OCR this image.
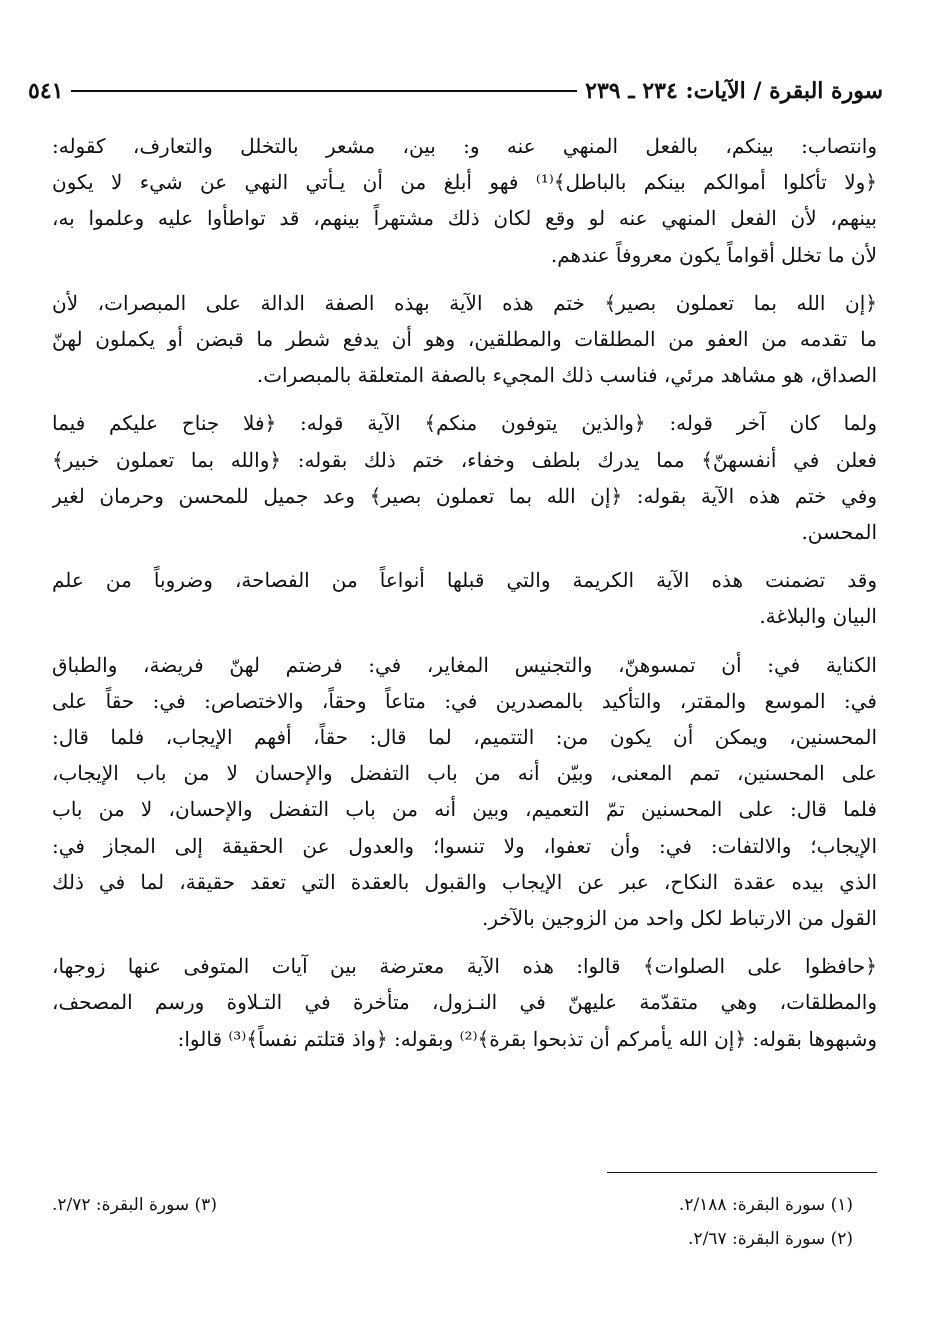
سورة البقرة / الآيات: ٢٣٤ ـ ٢٣٩
٥٤١

وانتصاب: بينكم، بالفعل المنهي عنه و: بين، مشعر بالتخلل والتعارف، كقوله:
﴿ولا تأكلوا أموالكم بينكم بالباطل﴾⁽¹⁾ فهو أبلغ من أن يـأتي النهي عن شيء لا يكون
بينهم، لأن الفعل المنهي عنه لو وقع لكان ذلك مشتهراً بينهم، قد تواطأوا عليه وعلموا به،
لأن ما تخلل أقواماً يكون معروفاً عندهم.

﴿إن الله بما تعملون بصير﴾ ختم هذه الآية بهذه الصفة الدالة على المبصرات، لأن
ما تقدمه من العفو من المطلقات والمطلقين، وهو أن يدفع شطر ما قبضن أو يكملون لهنّ
الصداق، هو مشاهد مرئي، فناسب ذلك المجيء بالصفة المتعلقة بالمبصرات.

ولما كان آخر قوله: ﴿والذين يتوفون منكم﴾ الآية قوله: ﴿فلا جناح عليكم فيما
فعلن في أنفسهنّ﴾ مما يدرك بلطف وخفاء، ختم ذلك بقوله: ﴿والله بما تعملون خبير﴾
وفي ختم هذه الآية بقوله: ﴿إن الله بما تعملون بصير﴾ وعد جميل للمحسن وحرمان لغير
المحسن.

وقد تضمنت هذه الآية الكريمة والتي قبلها أنواعاً من الفصاحة، وضروباً من علم
البيان والبلاغة.

الكناية في: أن تمسوهنّ، والتجنيس المغاير، في: فرضتم لهنّ فريضة، والطباق
في: الموسع والمقتر، والتأكيد بالمصدرين في: متاعاً وحقاً، والاختصاص: في: حقاً على
المحسنين، ويمكن أن يكون من: التتميم، لما قال: حقاً، أفهم الإيجاب، فلما قال:
على المحسنين، تمم المعنى، وبيّن أنه من باب التفضل والإحسان لا من باب الإيجاب،
فلما قال: على المحسنين تمّ التعميم، وبين أنه من باب التفضل والإحسان، لا من باب
الإيجاب؛ والالتفات: في: وأن تعفوا، ولا تنسوا؛ والعدول عن الحقيقة إلى المجاز في:
الذي بيده عقدة النكاح، عبر عن الإيجاب والقبول بالعقدة التي تعقد حقيقة، لما في ذلك
القول من الارتباط لكل واحد من الزوجين بالآخر.

﴿حافظوا على الصلوات﴾ قالوا: هذه الآية معترضة بين آيات المتوفى عنها زوجها،
والمطلقات، وهي متقدّمة عليهنّ في النـزول، متأخرة في التـلاوة ورسم المصحف،
وشبهوها بقوله: ﴿إن الله يأمركم أن تذبحوا بقرة﴾⁽²⁾ وبقوله: ﴿واذ قتلتم نفساً﴾⁽³⁾ قالوا:

(١) سورة البقرة: ٢/١٨٨.
(٣) سورة البقرة: ٢/٧٢.
(٢) سورة البقرة: ٢/٦٧.
